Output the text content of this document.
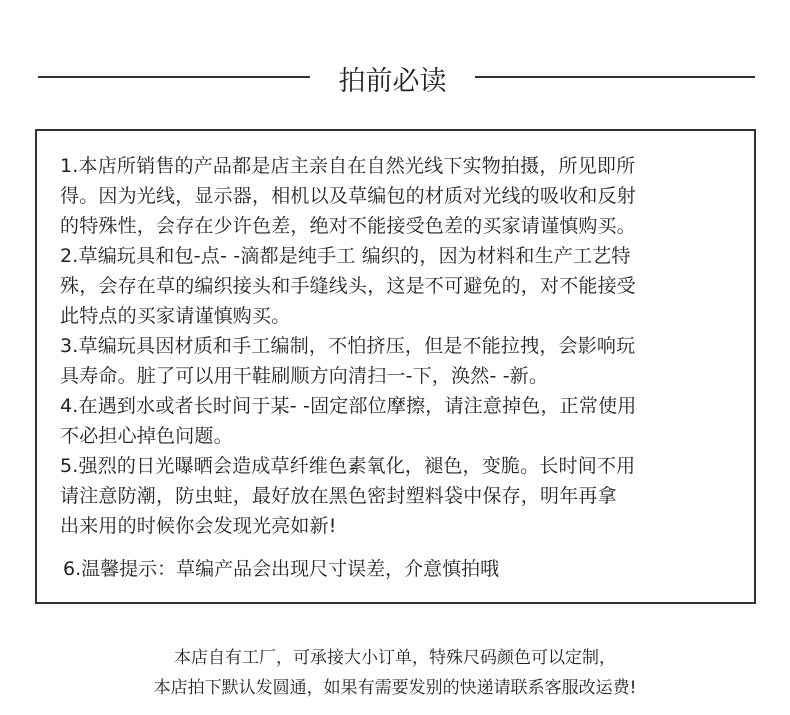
拍前必读
1.本店所销售的产品都是店主亲自在自然光线下实物拍摄，所见即所
得。因为光线，显示器，相机以及草编包的材质对光线的吸收和反射
的特殊性，会存在少许色差，绝对不能接受色差的买家请谨慎购买。
2.草编玩具和包-点- -滴都是纯手工 编织的，因为材料和生产工艺特
殊，会存在草的编织接头和手缝线头，这是不可避免的，对不能接受
此特点的买家请谨慎购买。
3.草编玩具因材质和手工编制，不怕挤压，但是不能拉拽，会影响玩
具寿命。脏了可以用干鞋刷顺方向清扫一-下，涣然- -新。
4.在遇到水或者长时间于某- -固定部位摩擦，请注意掉色，正常使用
不必担心掉色问题。
5.强烈的日光曝晒会造成草纤维色素氧化，褪色，变脆。长时间不用
请注意防潮，防虫蛀，最好放在黑色密封塑料袋中保存，明年再拿
出来用的时候你会发现光亮如新!
6.温馨提示：草编产品会出现尺寸误差，介意慎拍哦
本店自有工厂，可承接大小订单，特殊尺码颜色可以定制，
本店拍下默认发圆通，如果有需要发别的快递请联系客服改运费!
